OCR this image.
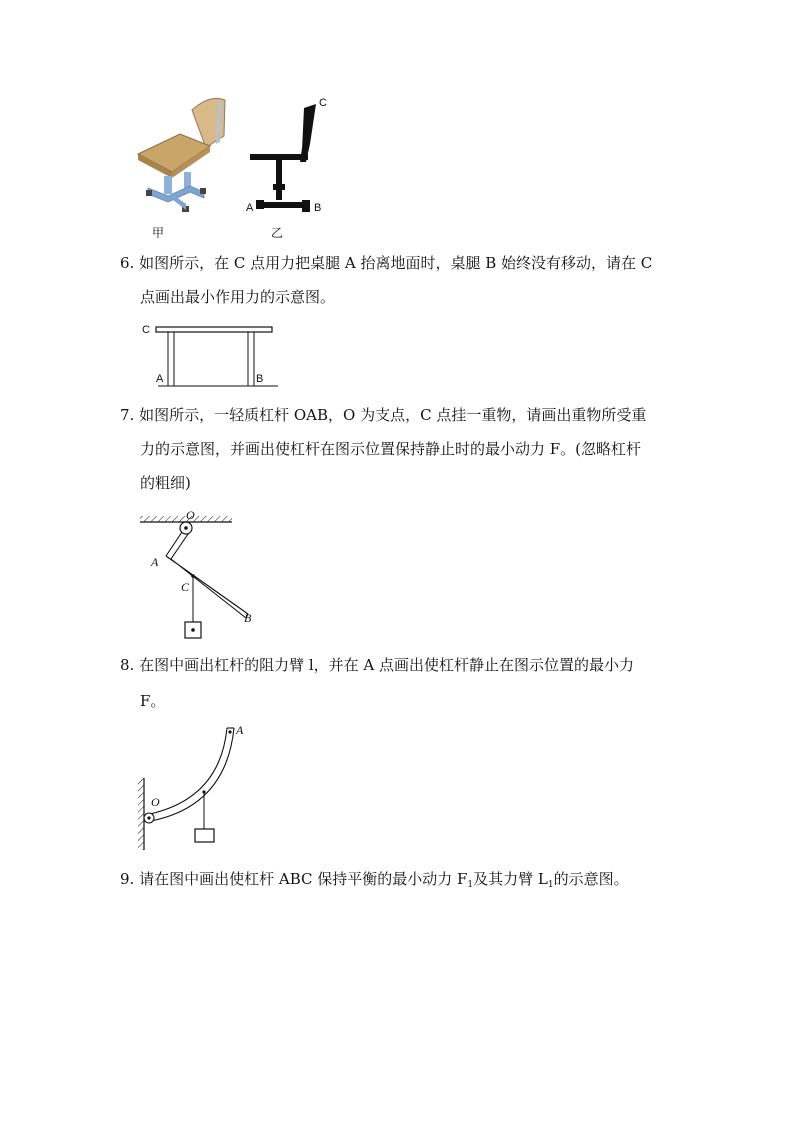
甲
C
A	B
乙
6. 如图所示，在 C 点用力把桌腿 A 抬离地面时，桌腿 B 始终没有移动，请在 C
点画出最小作用力的示意图。
C
A	B
7. 如图所示，一轻质杠杆 OAB，O 为支点，C 点挂一重物，请画出重物所受重
力的示意图，并画出使杠杆在图示位置保持静止时的最小动力 F。(忽略杠杆
的粗细)
O
A
C
B
8. 在图中画出杠杆的阻力臂 l，并在 A 点画出使杠杆静止在图示位置的最小力
F。
A
O
9. 请在图中画出使杠杆 ABC 保持平衡的最小动力 $F_1$及其力臂 $L_1$的示意图。
